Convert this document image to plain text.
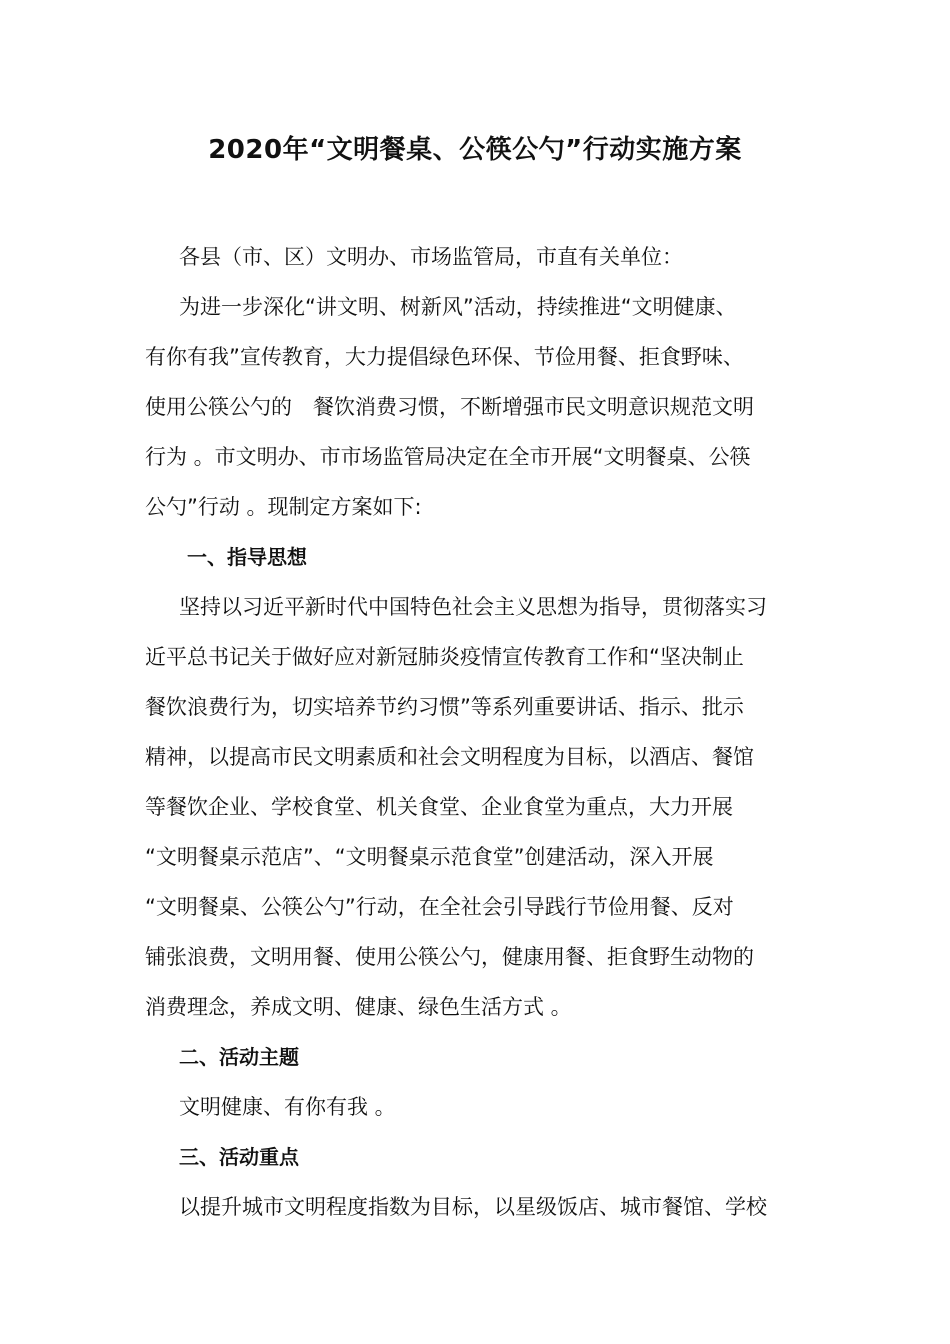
2020年“文明餐桌、公筷公勺”行动实施方案
各县（市、区）文明办、市场监管局，市直有关单位：
为进一步深化“讲文明、树新风”活动，持续推进“文明健康、
有你有我”宣传教育，大力提倡绿色环保、节俭用餐、拒食野味、
使用公筷公勺的　餐饮消费习惯，不断增强市民文明意识规范文明
行为 。市文明办、市市场监管局决定在全市开展“文明餐桌、公筷
公勺”行动 。现制定方案如下:
一、指导思想
坚持以习近平新时代中国特色社会主义思想为指导，贯彻落实习
近平总书记关于做好应对新冠肺炎疫情宣传教育工作和“坚决制止
餐饮浪费行为，切实培养节约习惯”等系列重要讲话、指示、批示
精神，以提高市民文明素质和社会文明程度为目标，以酒店、餐馆
等餐饮企业、学校食堂、机关食堂、企业食堂为重点，大力开展
“文明餐桌示范店”、“文明餐桌示范食堂”创建活动，深入开展
“文明餐桌、公筷公勺”行动，在全社会引导践行节俭用餐、反对
铺张浪费，文明用餐、使用公筷公勺，健康用餐、拒食野生动物的
消费理念，养成文明、健康、绿色生活方式 。
二、活动主题
文明健康、有你有我 。
三、活动重点
以提升城市文明程度指数为目标，以星级饭店、城市餐馆、学校
